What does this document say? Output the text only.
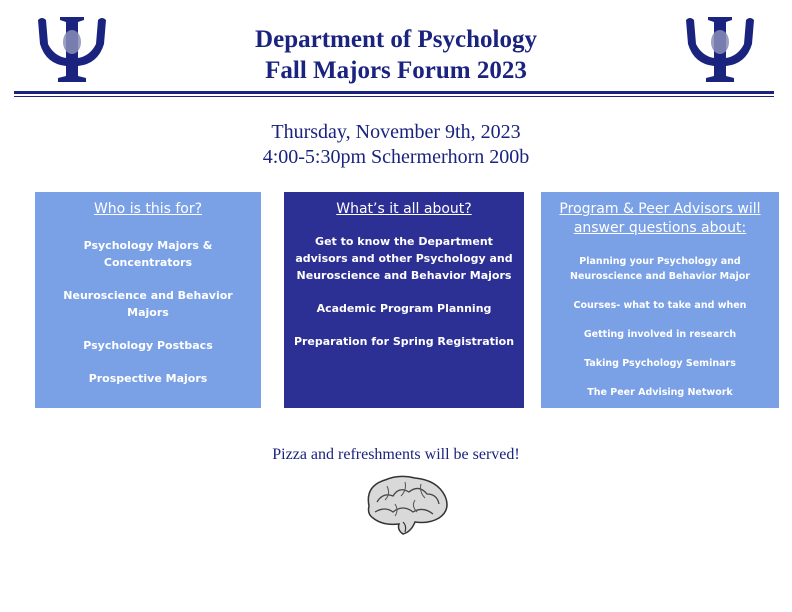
Department of Psychology
Fall Majors Forum 2023
Thursday, November 9th, 2023
4:00-5:30pm Schermerhorn 200b
Who is this for?
Psychology Majors & Concentrators
Neuroscience and Behavior Majors
Psychology Postbacs
Prospective Majors
What’s it all about?
Get to know the Department advisors and other Psychology and Neuroscience and Behavior Majors
Academic Program Planning
Preparation for Spring Registration
Program & Peer Advisors will answer questions about:
Planning your Psychology and Neuroscience and Behavior Major
Courses- what to take and when
Getting involved in research
Taking Psychology Seminars
The Peer Advising Network
Pizza and refreshments will be served!
